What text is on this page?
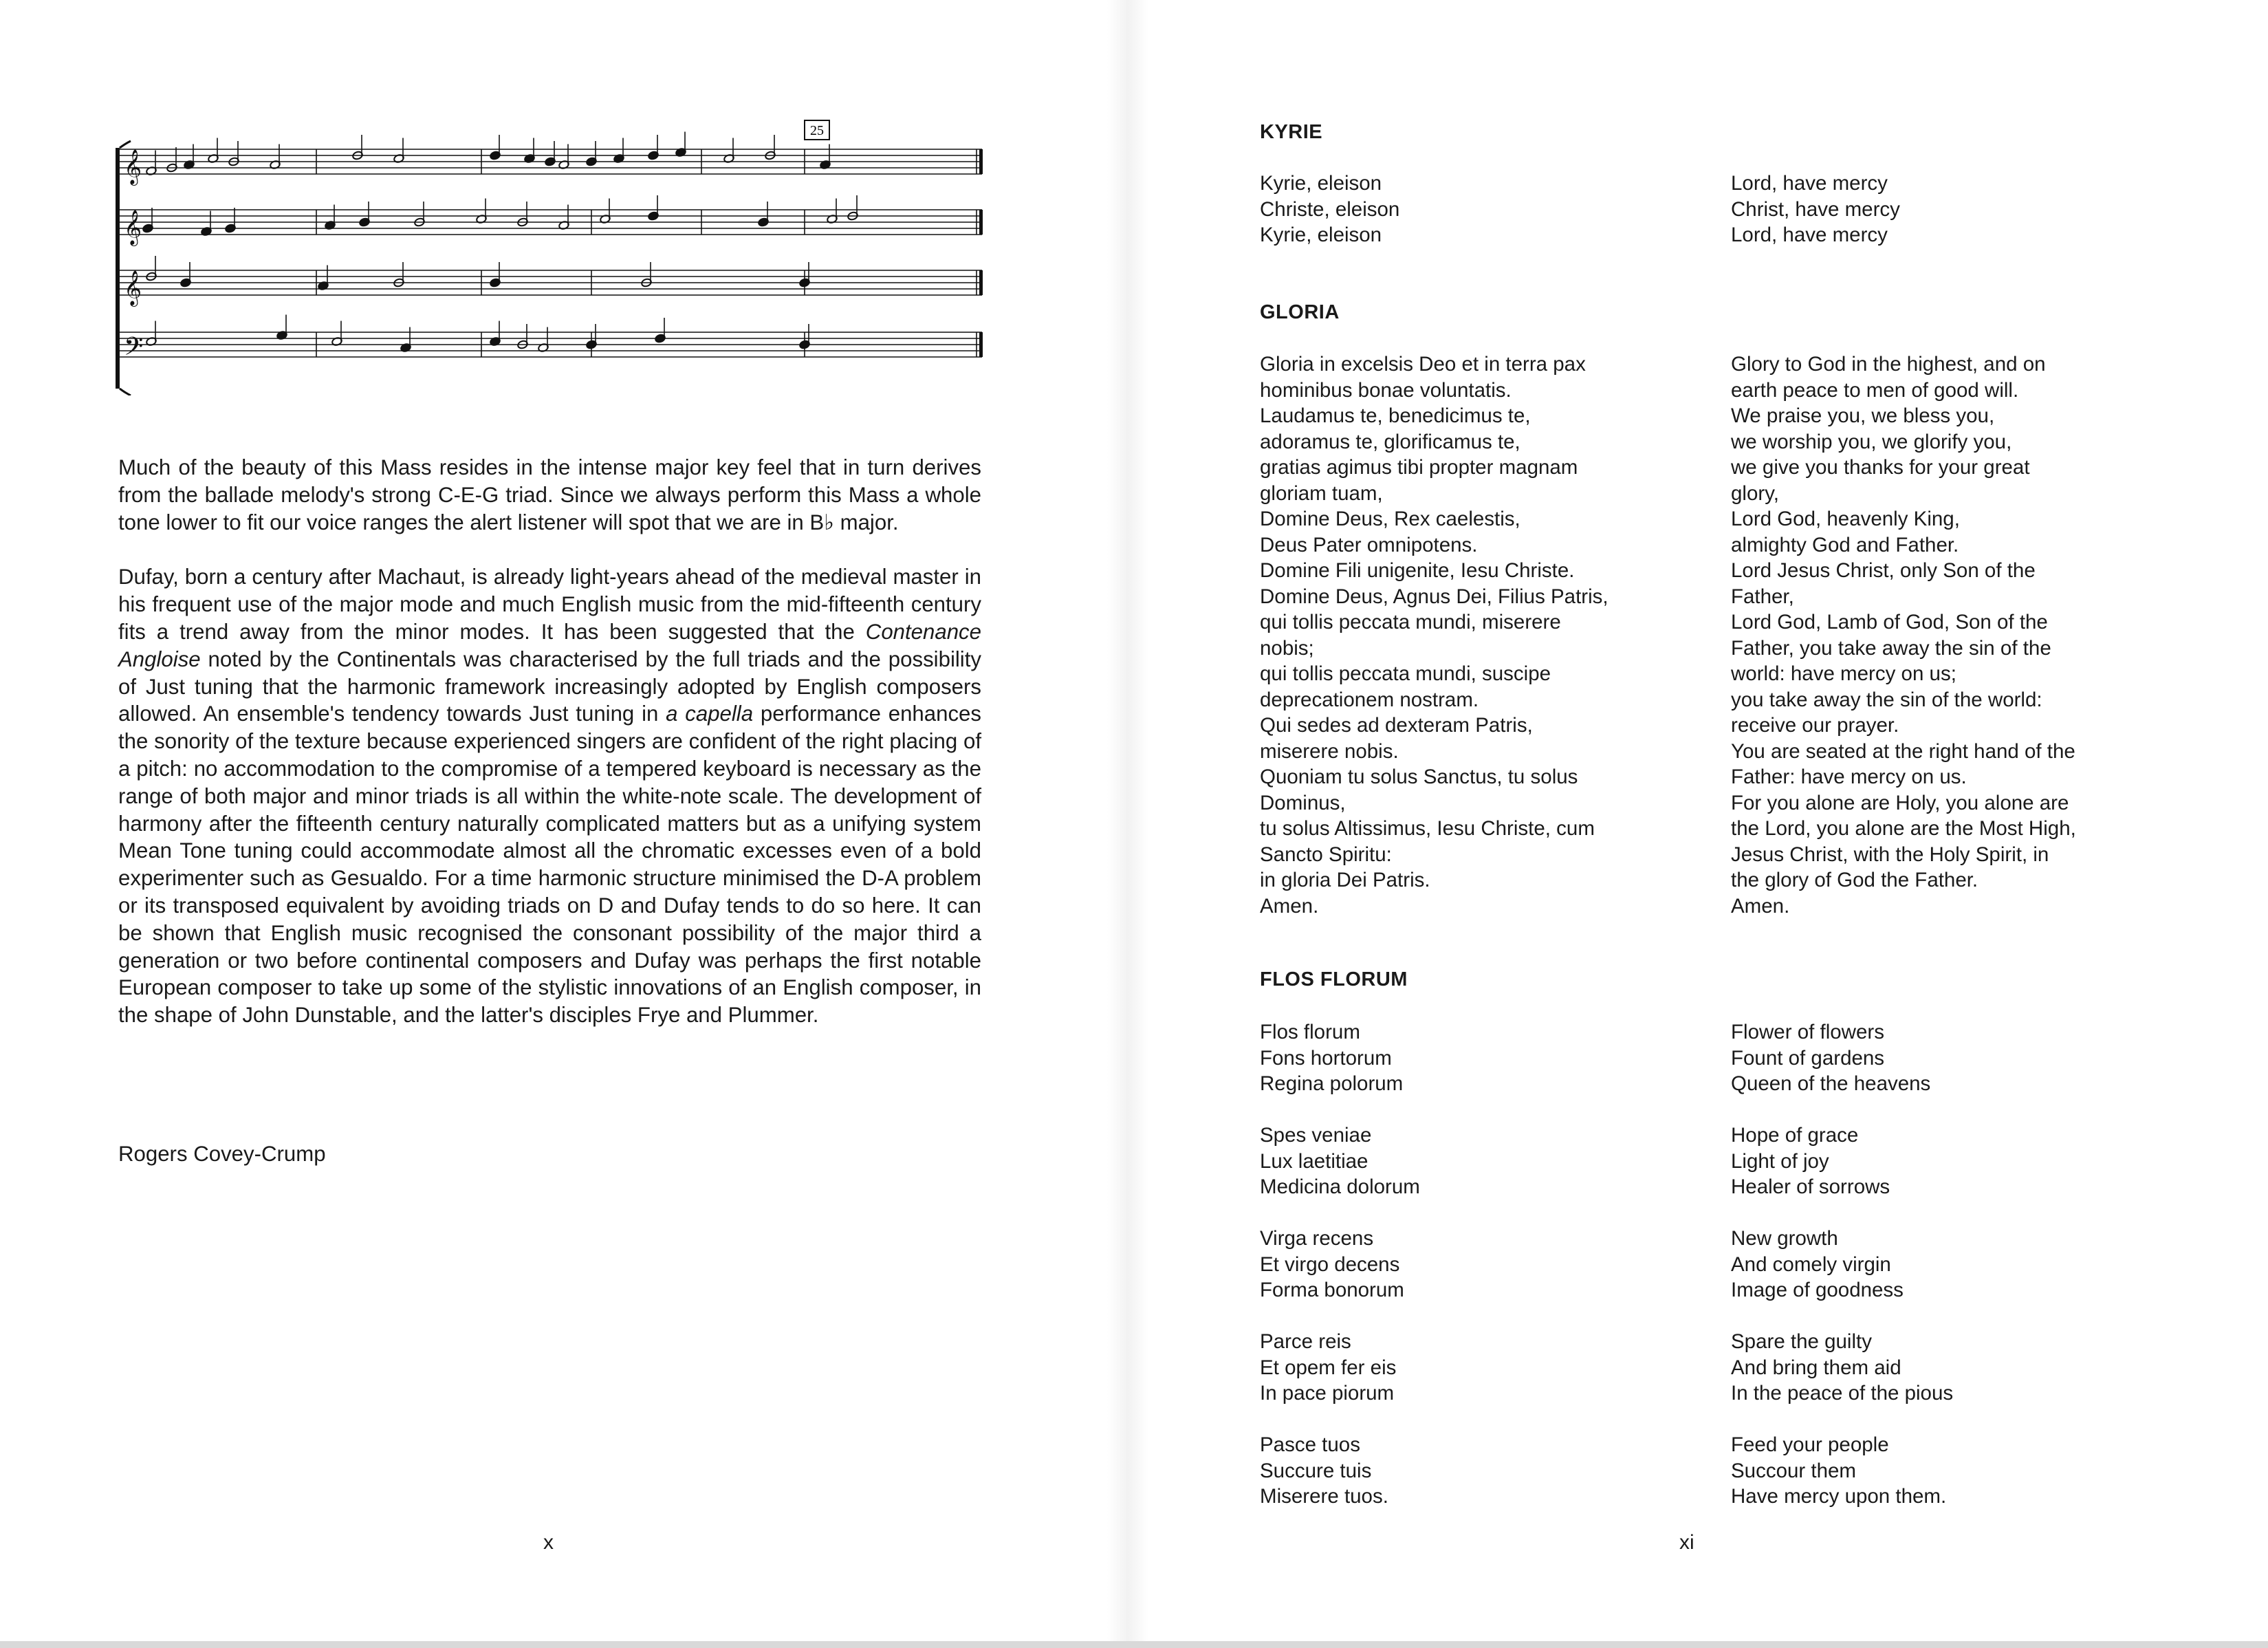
25
𝄞
𝄞
𝄞
𝄢

Much of the beauty of this Mass resides in the intense major key feel that in turn derives from the ballade melody's strong C-E-G triad. Since we always perform this Mass a whole tone lower to fit our voice ranges the alert listener will spot that we are in B♭ major.

Dufay, born a century after Machaut, is already light-years ahead of the medieval master in his frequent use of the major mode and much English music from the mid-fifteenth century fits a trend away from the minor modes. It has been suggested that the Contenance Angloise noted by the Continentals was characterised by the full triads and the possibility of Just tuning that the harmonic framework increasingly adopted by English composers allowed. An ensemble's tendency towards Just tuning in a capella performance enhances the sonority of the texture because experienced singers are confident of the right placing of a pitch: no accommodation to the compromise of a tempered keyboard is necessary as the range of both major and minor triads is all within the white-note scale. The development of harmony after the fifteenth century naturally complicated matters but as a unifying system Mean Tone tuning could accommodate almost all the chromatic excesses even of a bold experimenter such as Gesualdo. For a time harmonic structure minimised the D-A problem or its transposed equivalent by avoiding triads on D and Dufay tends to do so here. It can be shown that English music recognised the consonant possibility of the major third a generation or two before continental composers and Dufay was perhaps the first notable European composer to take up some of the stylistic innovations of an English composer, in the shape of John Dunstable, and the latter's disciples Frye and Plummer.

Rogers Covey-Crump
x
KYRIE
Kyrie, eleison
Christe, eleison
Kyrie, eleison
Lord, have mercy
Christ, have mercy
Lord, have mercy
GLORIA
Gloria in excelsis Deo et in terra pax
hominibus bonae voluntatis.
Laudamus te, benedicimus te,
adoramus te, glorificamus te,
gratias agimus tibi propter magnam
gloriam tuam,
Domine Deus, Rex caelestis,
Deus Pater omnipotens.
Domine Fili unigenite, Iesu Christe.
Domine Deus, Agnus Dei, Filius Patris,
qui tollis peccata mundi, miserere
nobis;
qui tollis peccata mundi, suscipe
deprecationem nostram.
Qui sedes ad dexteram Patris,
miserere nobis.
Quoniam tu solus Sanctus, tu solus
Dominus,
tu solus Altissimus, Iesu Christe, cum
Sancto Spiritu:
in gloria Dei Patris.
Amen.
Glory to God in the highest, and on
earth peace to men of good will.
We praise you, we bless you,
we worship you, we glorify you,
we give you thanks for your great
glory,
Lord God, heavenly King,
almighty God and Father.
Lord Jesus Christ, only Son of the
Father,
Lord God, Lamb of God, Son of the
Father, you take away the sin of the
world: have mercy on us;
you take away the sin of the world:
receive our prayer.
You are seated at the right hand of the
Father: have mercy on us.
For you alone are Holy, you alone are
the Lord, you alone are the Most High,
Jesus Christ, with the Holy Spirit, in
the glory of God the Father.
Amen.
FLOS FLORUM
Flos florum
Fons hortorum
Regina polorum
Spes veniae
Lux laetitiae
Medicina dolorum
Virga recens
Et virgo decens
Forma bonorum
Parce reis
Et opem fer eis
In pace piorum
Pasce tuos
Succure tuis
Miserere tuos.
Flower of flowers
Fount of gardens
Queen of the heavens
Hope of grace
Light of joy
Healer of sorrows
New growth
And comely virgin
Image of goodness
Spare the guilty
And bring them aid
In the peace of the pious
Feed your people
Succour them
Have mercy upon them.
xi
